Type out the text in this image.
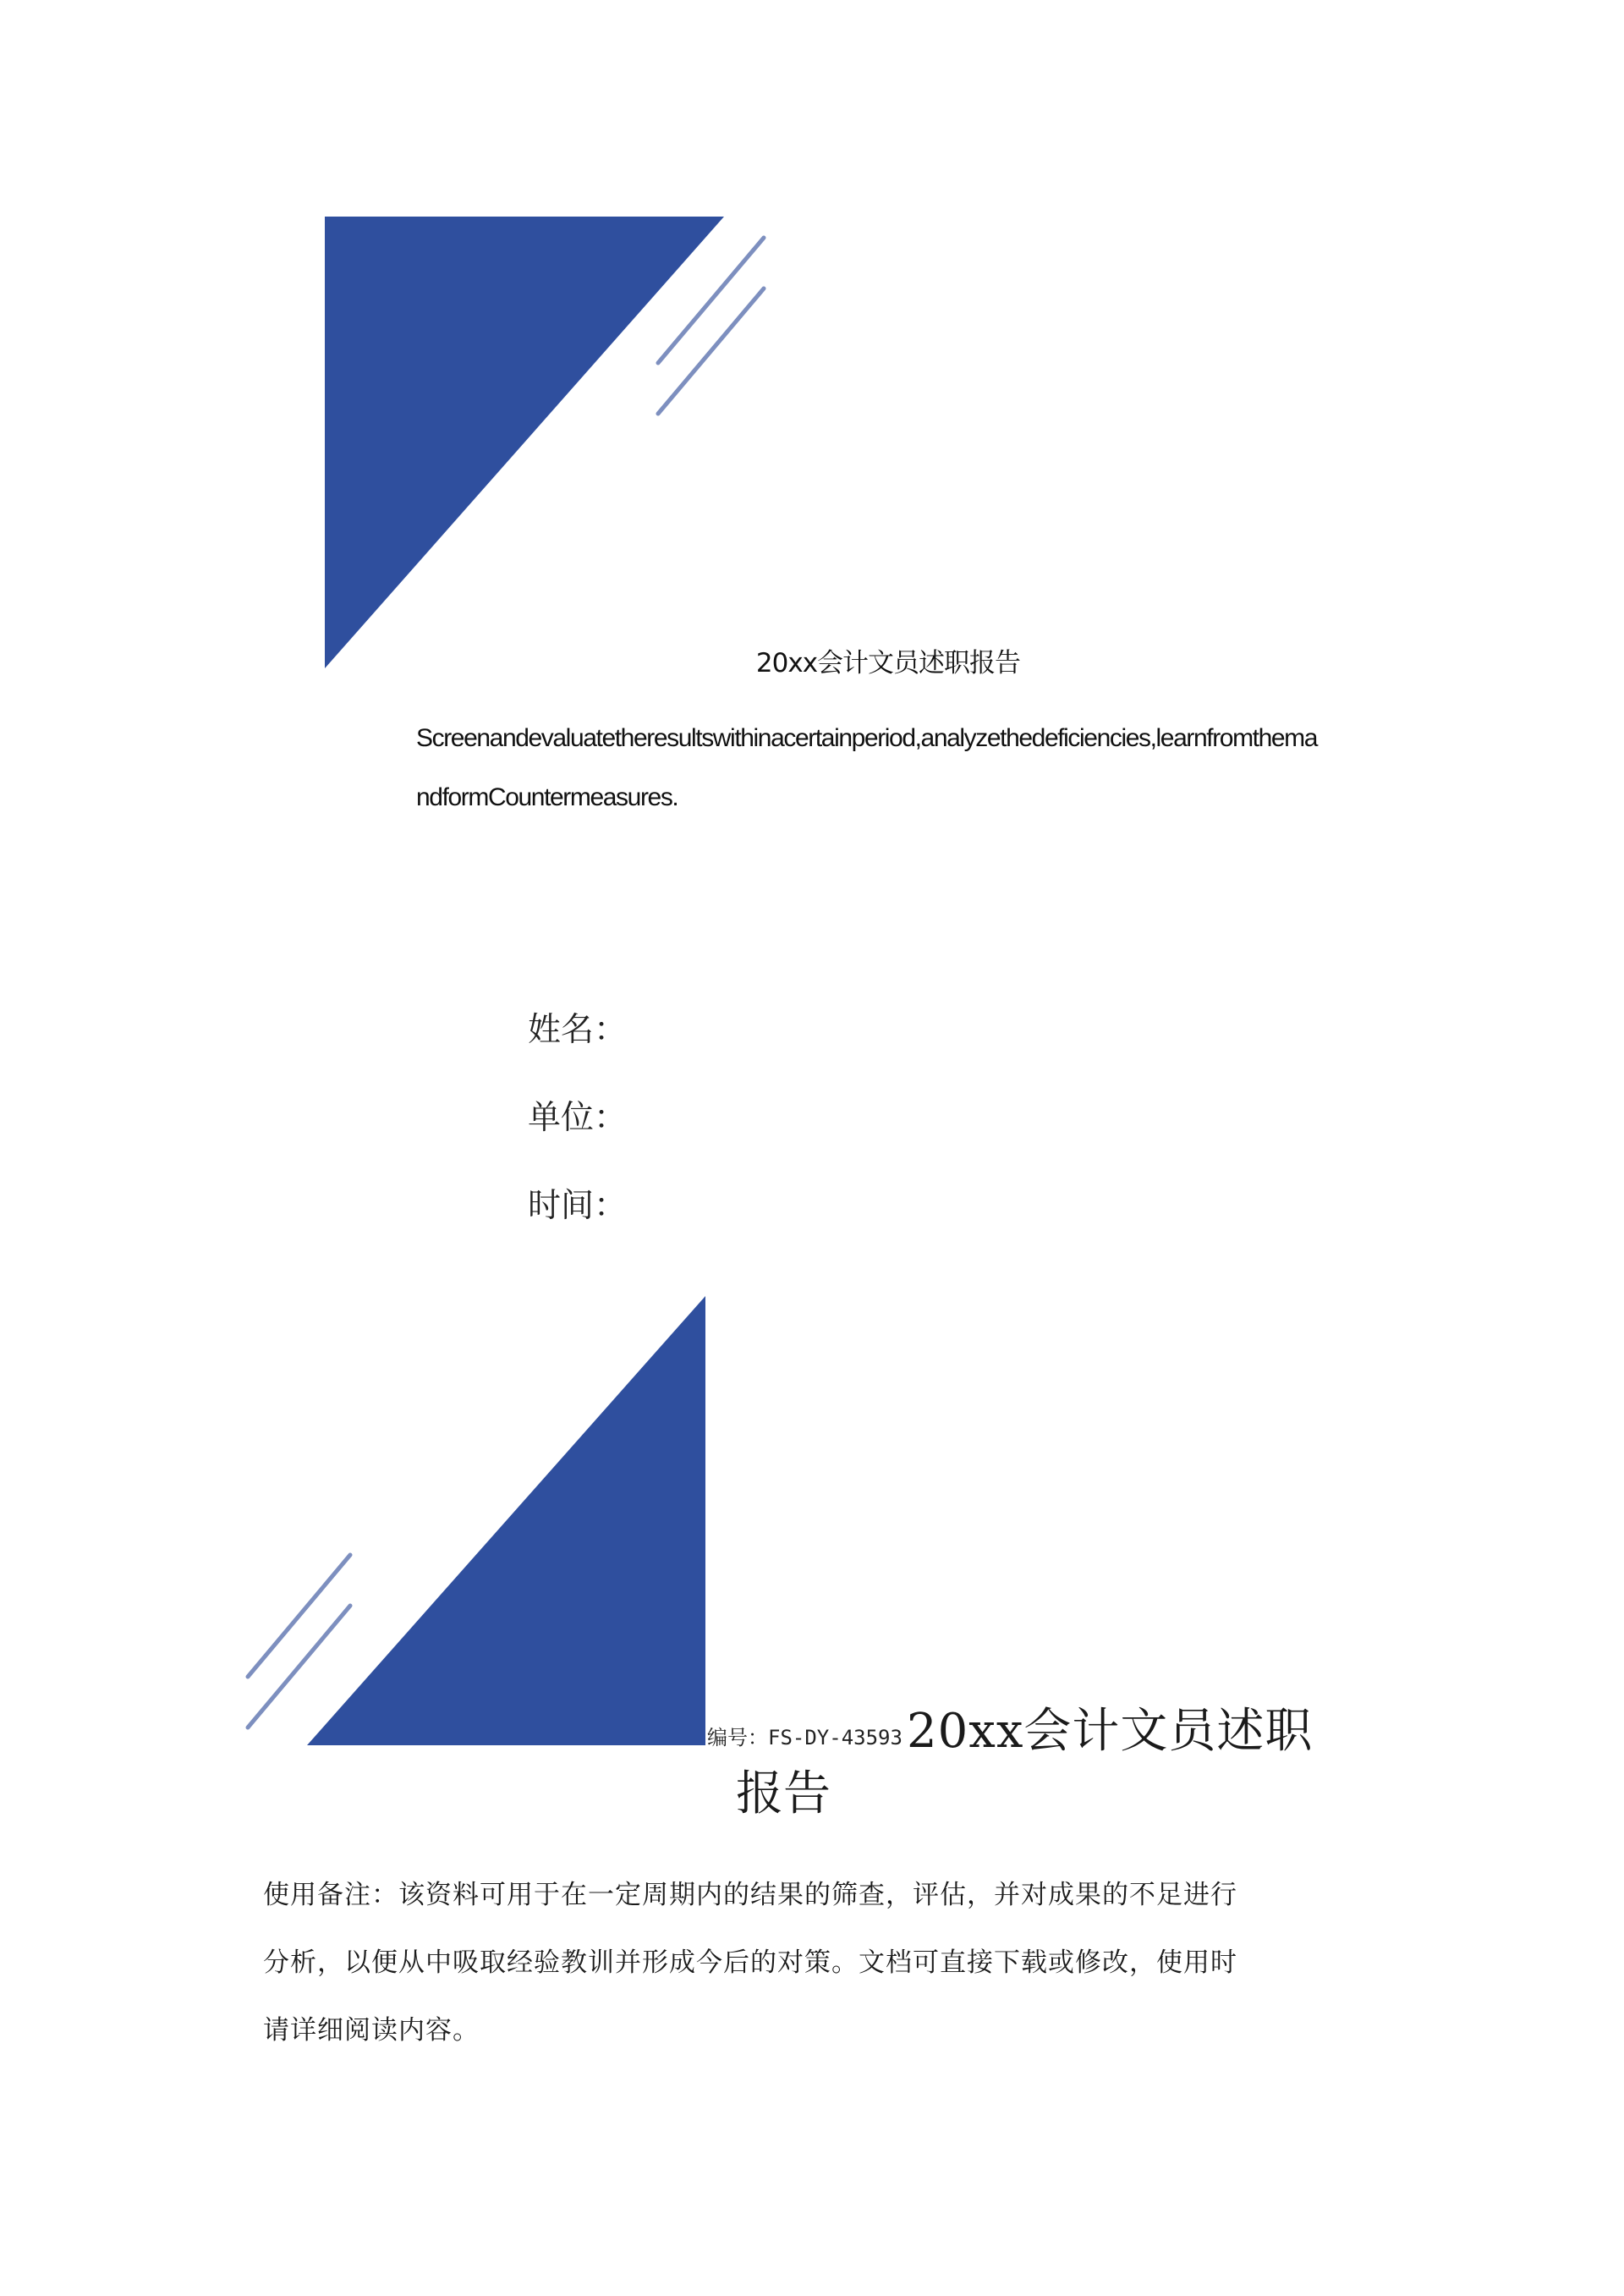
20xx会计文员述职报告
Screenandevaluatetheresultswithinacertainperiod,analyzethedeficiencies,learnfromthemandformCountermeasures.
姓名：
单位：
时间：
编号：FS-DY-43593 20xx会计文员述职
报告
使用备注：该资料可用于在一定周期内的结果的筛查，评估，并对成果的不足进行分析，以便从中吸取经验教训并形成今后的对策。文档可直接下载或修改，使用时请详细阅读内容。
